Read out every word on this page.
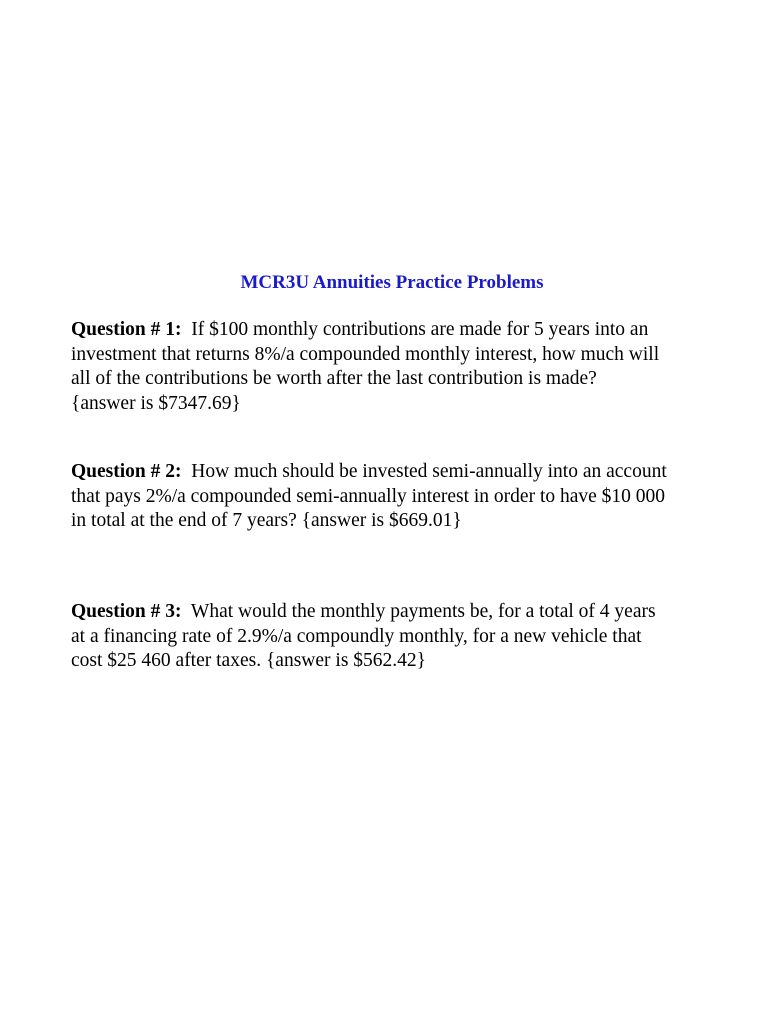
MCR3U Annuities Practice Problems
Question # 1: If $100 monthly contributions are made for 5 years into an
investment that returns 8%/a compounded monthly interest, how much will
all of the contributions be worth after the last contribution is made?
{answer is $7347.69}
Question # 2: How much should be invested semi-annually into an account
that pays 2%/a compounded semi-annually interest in order to have $10 000
in total at the end of 7 years? {answer is $669.01}
Question # 3: What would the monthly payments be, for a total of 4 years
at a financing rate of 2.9%/a compoundly monthly, for a new vehicle that
cost $25 460 after taxes. {answer is $562.42}
